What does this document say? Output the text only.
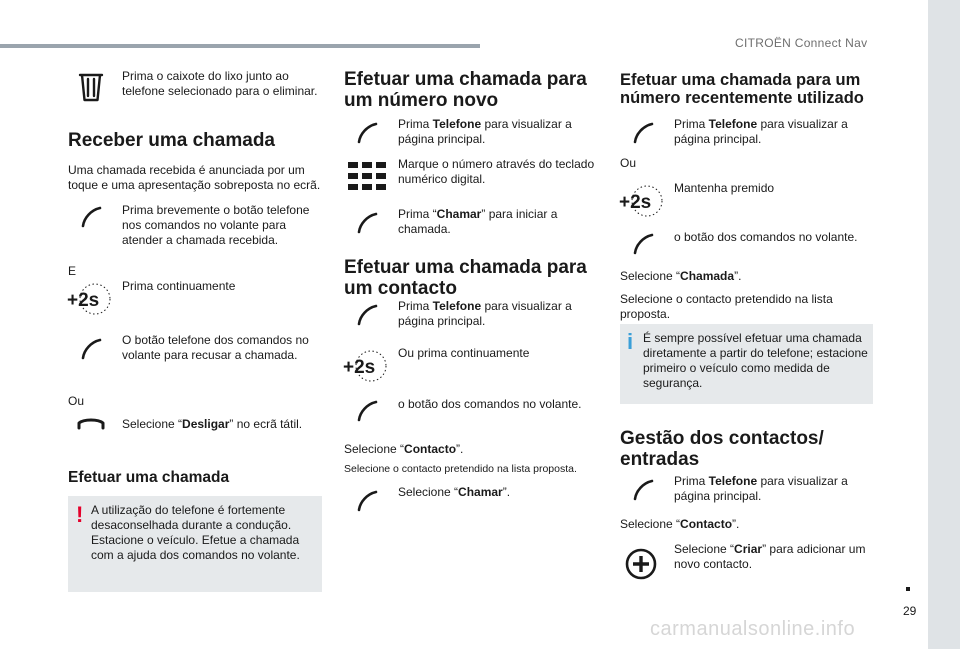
CITROËN Connect Nav
29
carmanualsonline.info
Prima o caixote do lixo junto ao telefone selecionado para o eliminar.
Receber uma chamada
Uma chamada recebida é anunciada por um toque e uma apresentação sobreposta no ecrã.
Prima brevemente o botão telefone nos comandos no volante para atender a chamada recebida.
E
+2s
Prima continuamente
O botão telefone dos comandos no volante para recusar a chamada.
Ou
Selecione “Desligar” no ecrã tátil.
Efetuar uma chamada
! A utilização do telefone é fortemente desaconselhada durante a condução. Estacione o veículo. Efetue a chamada com a ajuda dos comandos no volante.
Efetuar uma chamada para um número novo
Prima Telefone para visualizar a página principal.
Marque o número através do teclado numérico digital.
Prima “Chamar” para iniciar a chamada.
Efetuar uma chamada para um contacto
Prima Telefone para visualizar a página principal.
+2s
Ou prima continuamente
o botão dos comandos no volante.
Selecione “Contacto”.
Selecione o contacto pretendido na lista proposta.
Selecione “Chamar”.
Efetuar uma chamada para um número recentemente utilizado
Prima Telefone para visualizar a página principal.
Ou
+2s
Mantenha premido
o botão dos comandos no volante.
Selecione “Chamada”.
Selecione o contacto pretendido na lista proposta.
i É sempre possível efetuar uma chamada diretamente a partir do telefone; estacione primeiro o veículo como medida de segurança.
Gestão dos contactos/ entradas
Prima Telefone para visualizar a página principal.
Selecione “Contacto”.
Selecione “Criar” para adicionar um novo contacto.
